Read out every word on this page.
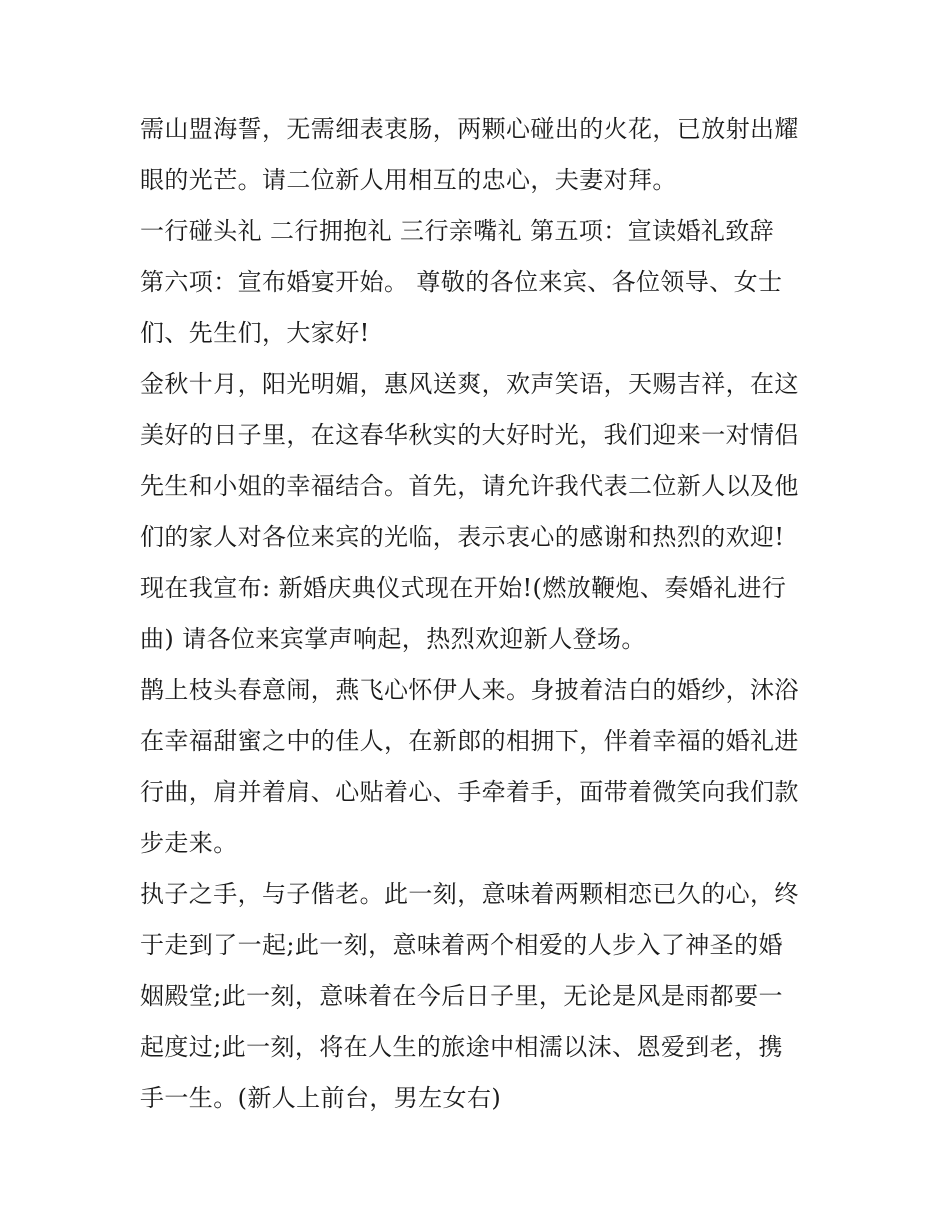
需山盟海誓，无需细表衷肠，两颗心碰出的火花，已放射出耀
眼的光芒。请二位新人用相互的忠心，夫妻对拜。
一行碰头礼 二行拥抱礼 三行亲嘴礼 第五项：宣读婚礼致辞
第六项：宣布婚宴开始。 尊敬的各位来宾、各位领导、女士
们、先生们，大家好!
金秋十月，阳光明媚，惠风送爽，欢声笑语，天赐吉祥，在这
美好的日子里，在这春华秋实的大好时光，我们迎来一对情侣
先生和小姐的幸福结合。首先，请允许我代表二位新人以及他
们的家人对各位来宾的光临，表示衷心的感谢和热烈的欢迎!
现在我宣布: 新婚庆典仪式现在开始!(燃放鞭炮、奏婚礼进行
曲) 请各位来宾掌声响起，热烈欢迎新人登场。
鹊上枝头春意闹，燕飞心怀伊人来。身披着洁白的婚纱，沐浴
在幸福甜蜜之中的佳人，在新郎的相拥下，伴着幸福的婚礼进
行曲，肩并着肩、心贴着心、手牵着手，面带着微笑向我们款
步走来。
执子之手，与子偕老。此一刻，意味着两颗相恋已久的心，终
于走到了一起;此一刻，意味着两个相爱的人步入了神圣的婚
姻殿堂;此一刻，意味着在今后日子里，无论是风是雨都要一
起度过;此一刻，将在人生的旅途中相濡以沫、恩爱到老，携
手一生。(新人上前台，男左女右)
